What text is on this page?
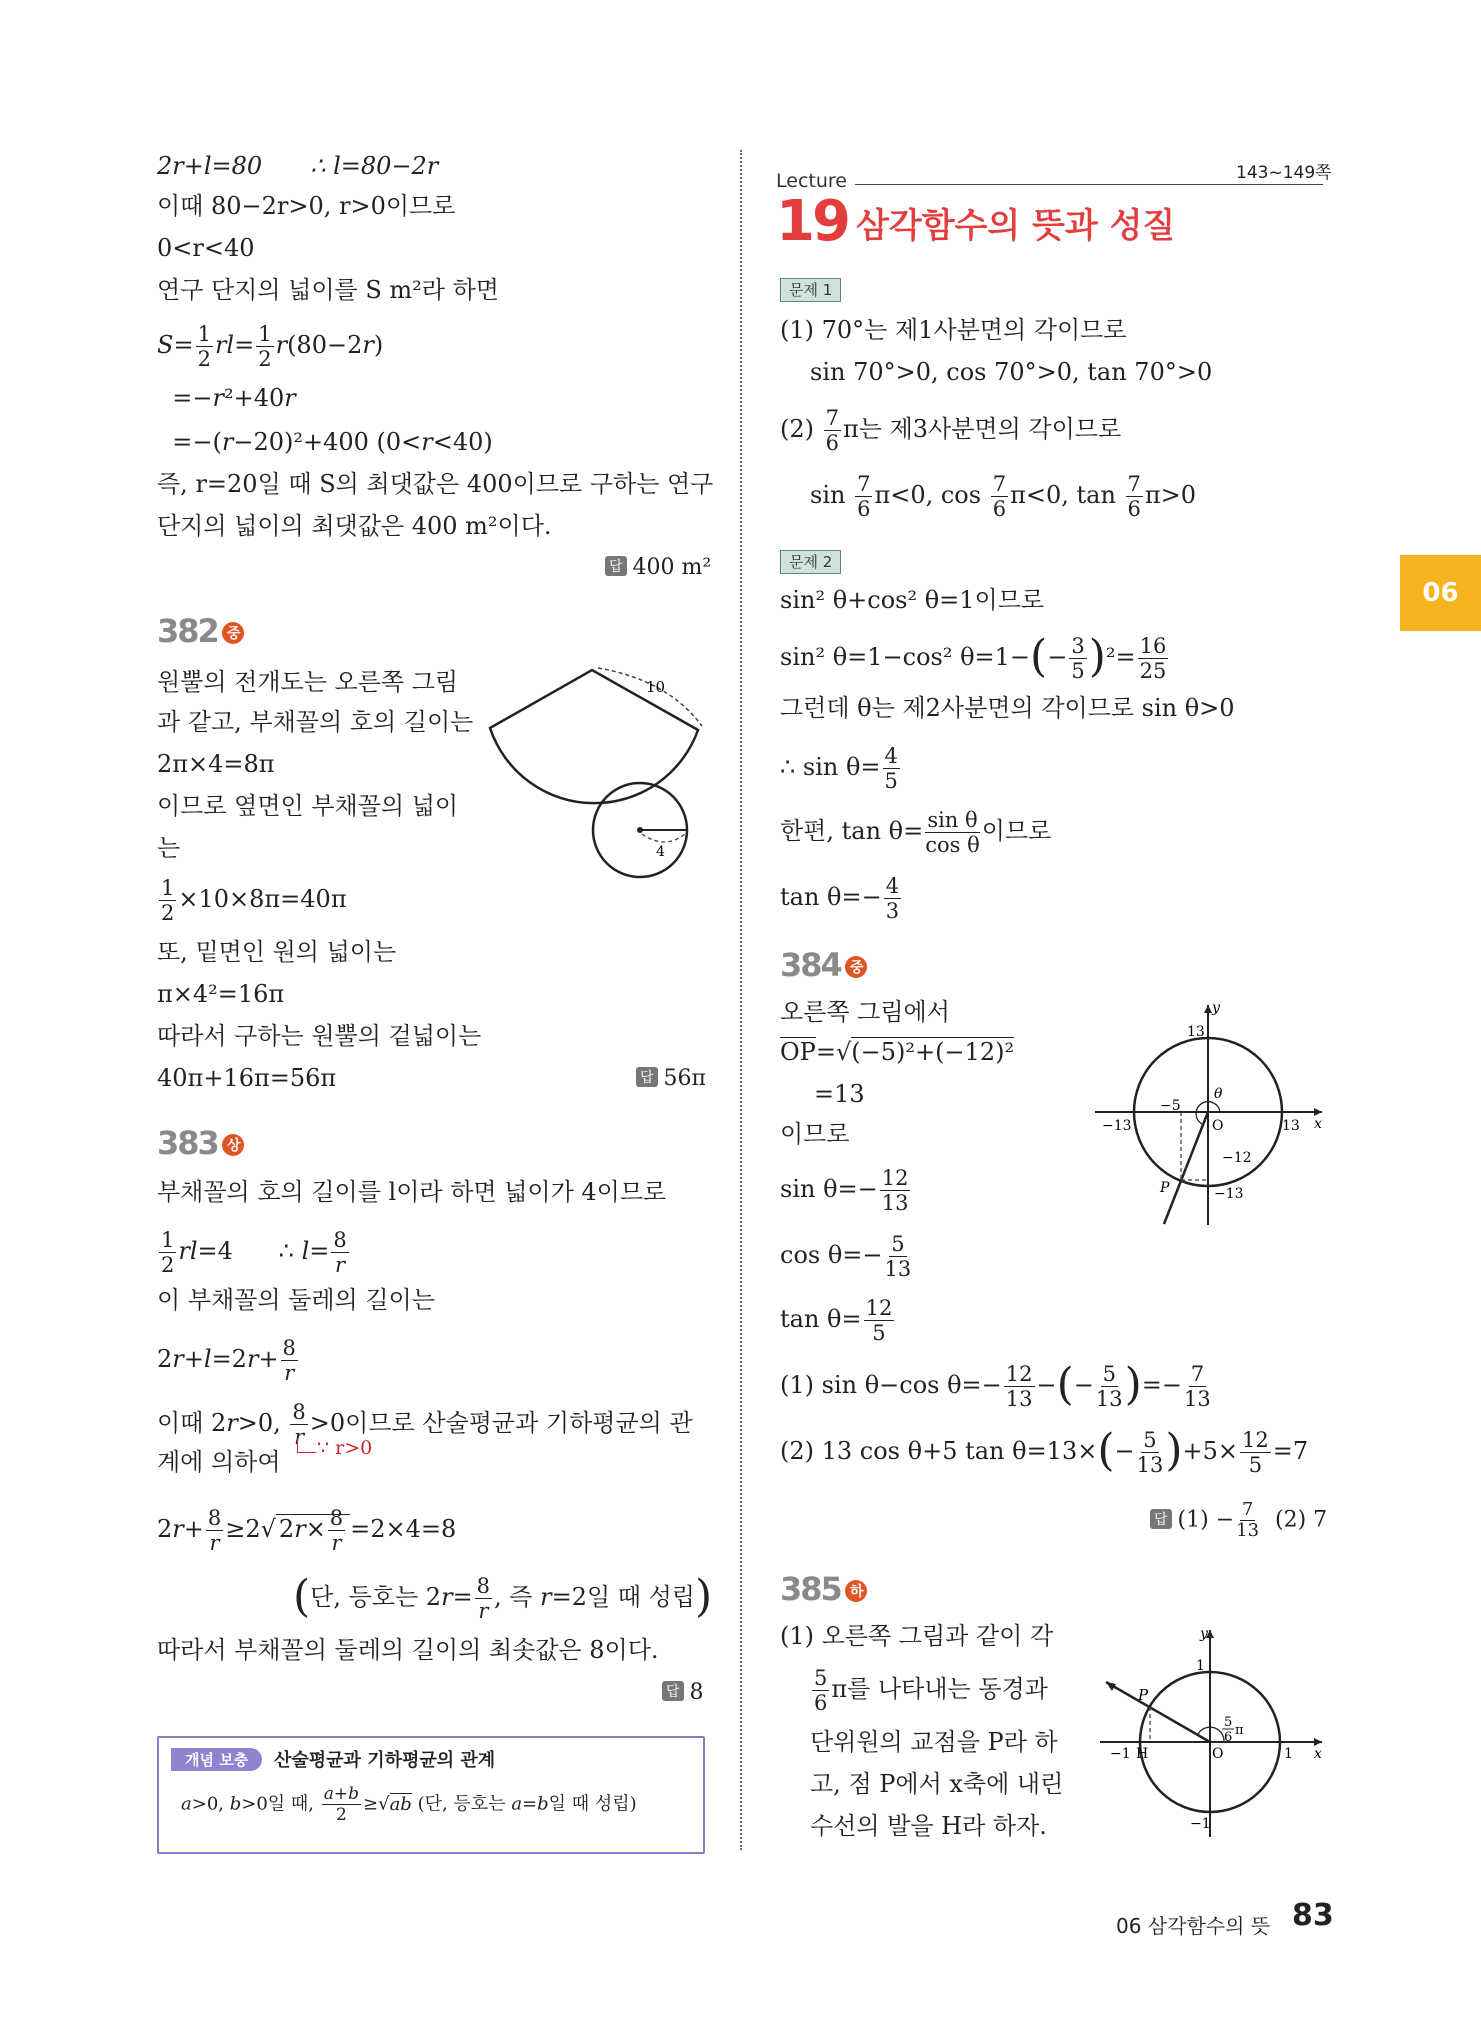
2r+l=80 ∴ l=80−2r
이때 80−2r>0, r>0이므로
0<r<40
연구 단지의 넓이를 S m²라 하면
$S= \frac{1}{2} rl= \frac{1}{2} r(80-2r)$
=−r²+40r
=−(r−20)²+400 (0<r<40)
즉, r=20일 때 S의 최댓값은 400이므로 구하는 연구
단지의 넓이의 최댓값은 400 m²이다.
답 400 m²
382 중
원뿔의 전개도는 오른쪽 그림
과 같고, 부채꼴의 호의 길이는
2π×4=8π
이므로 옆면인 부채꼴의 넓이
는
$\frac{1}{2} \times 10\times 8\pi=40\pi$
또, 밑면인 원의 넓이는
π×4²=16π
따라서 구하는 원뿔의 겉넓이는
40π+16π=56π	답 56π
10
4
383 상
부채꼴의 호의 길이를 l이라 하면 넓이가 4이므로
$\frac{1}{2} rl=4$      ∴ $l= \frac{8}{r}$
이 부채꼴의 둘레의 길이는
$2r+l=2r+ \frac{8}{r}$
이때 2r>0, $\frac{8}{r} >0$이므로 산술평균과 기하평균의 관
∵ r>0
계에 의하여
$2r+ \frac{8}{r} \ge 2√$ $2r\times \frac{8}{r} =2\times 4=8$
(단, 등호는 $2r= \frac{8}{r}$ , 즉 r=2일 때 성립)
따라서 부채꼴의 둘레의 길이의 최솟값은 8이다.
답 8
개념 보충	산술평균과 기하평균의 관계
a>0, b>0일 때, $\frac{a+b}{2} \ge√ab$ (단, 등호는 a=b일 때 성립)
Lecture	143~149쪽
19 삼각함수의 뜻과 성질
문제 1
(1) 70°는 제1사분면의 각이므로
sin 70°>0, cos 70°>0, tan 70°>0
$(2) \frac{7}{6}$ π는 제3사분면의 각이므로
$\sin \frac{7}{6} \pi<0$, $\cos \frac{7}{6} \pi<0$, $\tan \frac{7}{6} \pi>0$
문제 2
sin² θ+cos² θ=1이므로
sin² θ=1−cos² $\theta=1-(- \frac{3}{5} )^2= \frac{16}{25}$
그런데 θ는 제2사분면의 각이므로 sin θ>0
∴ $\sin \theta= \frac{4}{5}$
한편, $\tan \theta= \frac{\text{sin θ}}{\text{cos θ}}$ 이므로
$\tan \theta=- \frac{4}{3}$
384 중
오른쪽 그림에서
OP=√(−5)²+(−12)²
=13
이므로
$\sin \theta=- \frac{12}{13}$
$\cos \theta=- \frac{5}{13}$
$\tan \theta= \frac{12}{5}$
(1) sin θ−cos $\theta=- \frac{12}{13}$ −(− $\frac{5}{13}$ )=− $\frac{7}{13}$
(2) 13 cos θ+5 $\tan \theta=13\times(- \frac{5}{13} )+5\times \frac{12}{5} =7$
답 $(1) - \frac{7}{13} (2)$ 7
y
x
13
−13	13
O
−5
θ
−12
−13
P
385 하
(1) 오른쪽 그림과 같이 각
$\frac{5}{6}$ π를 나타내는 동경과
단위원의 교점을 P라 하
고, 점 P에서 x축에 내린
수선의 발을 H라 하자.
y
x
1
−1 H	O	1
−1
P
5
6 π
06
06 삼각함수의 뜻 83
